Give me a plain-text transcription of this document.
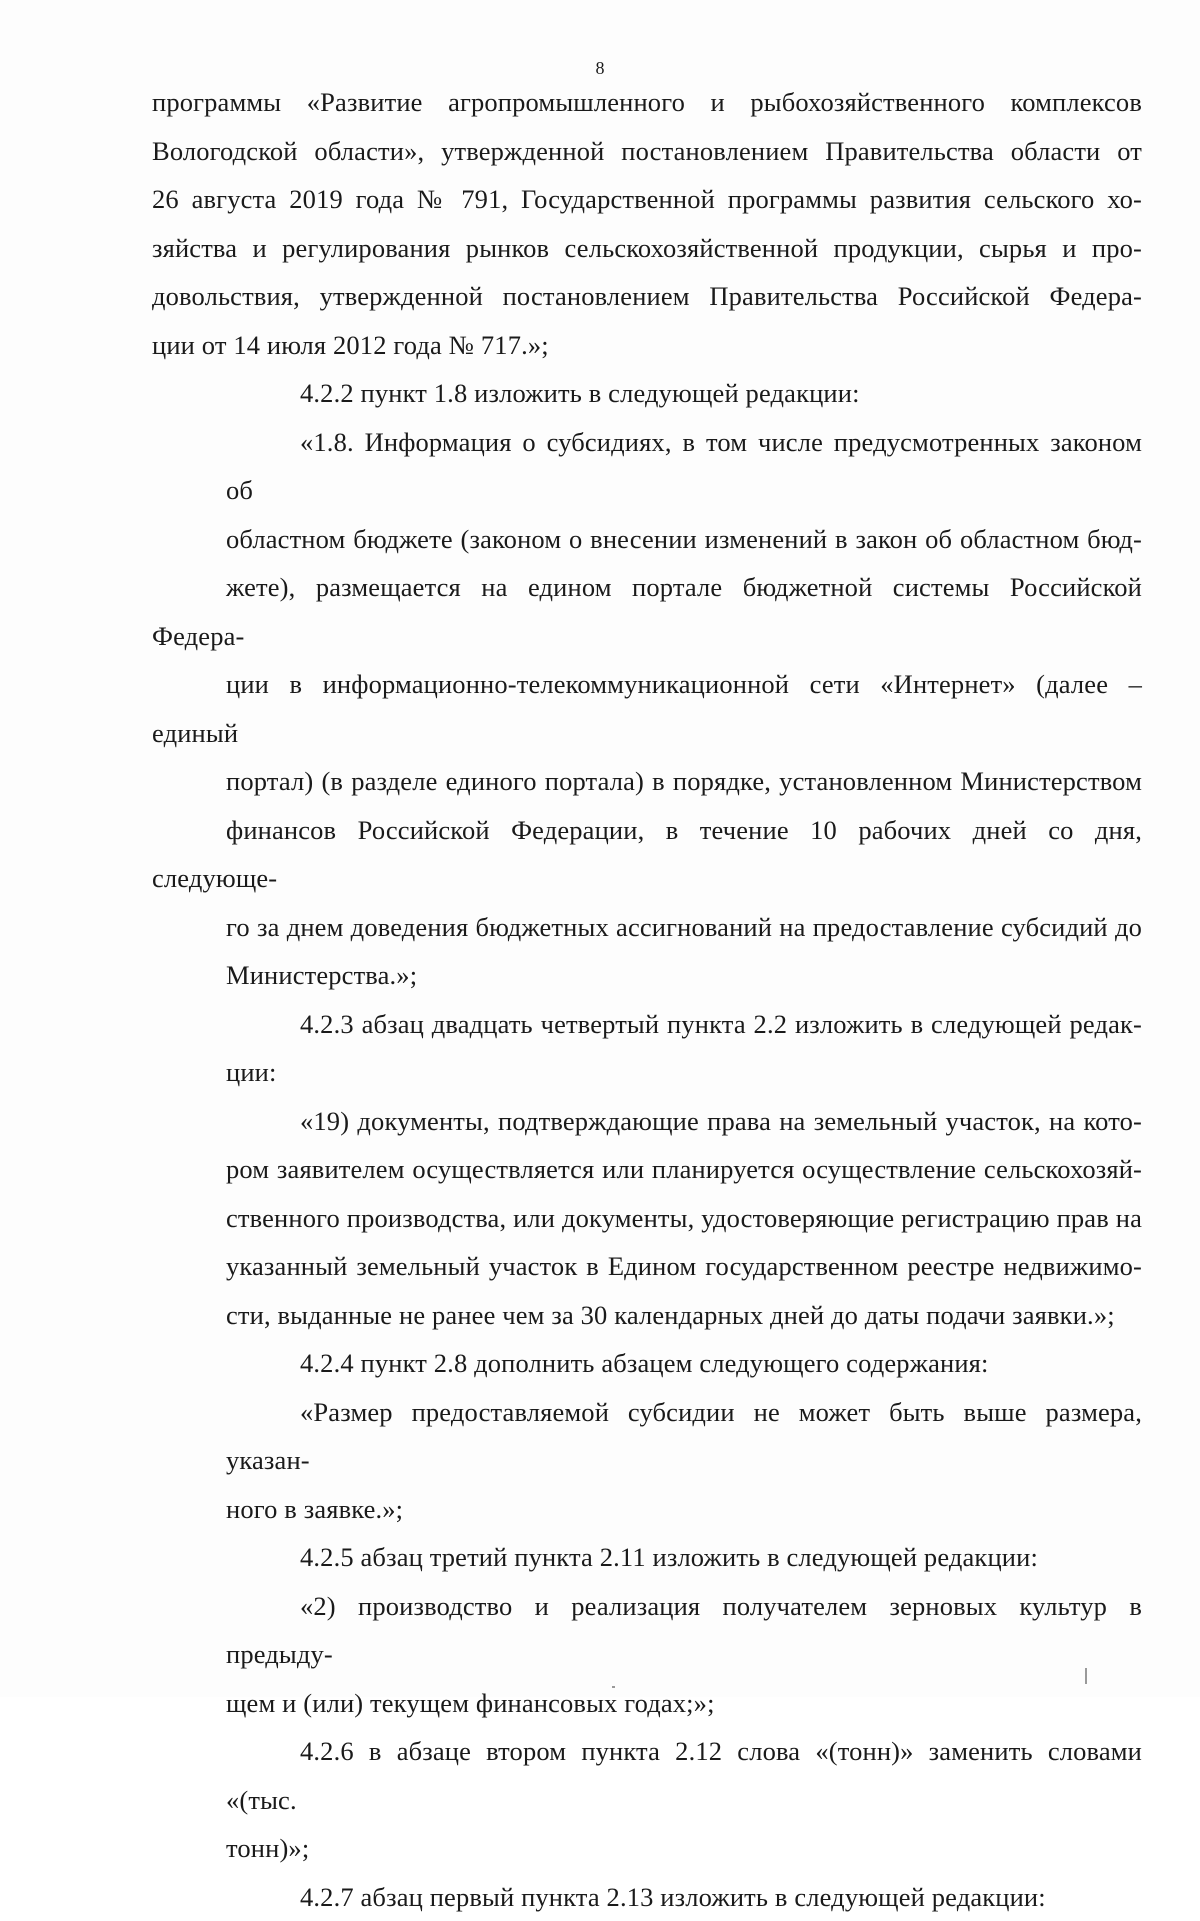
8
программы «Развитие агропромышленного и рыбохозяйственного комплексов
Вологодской области», утвержденной постановлением Правительства области от
26 августа 2019 года № 791, Государственной программы развития сельского хо-
зяйства и регулирования рынков сельскохозяйственной продукции, сырья и про-
довольствия, утвержденной постановлением Правительства Российской Федера-
ции от 14 июля 2012 года № 717.»;
4.2.2 пункт 1.8 изложить в следующей редакции:
«1.8. Информация о субсидиях, в том числе предусмотренных законом об
областном бюджете (законом о внесении изменений в закон об областном бюд-
жете), размещается на едином портале бюджетной системы Российской Федера-
ции в информационно-телекоммуникационной сети «Интернет» (далее – единый
портал) (в разделе единого портала) в порядке, установленном Министерством
финансов Российской Федерации, в течение 10 рабочих дней со дня, следующе-
го за днем доведения бюджетных ассигнований на предоставление субсидий до
Министерства.»;
4.2.3 абзац двадцать четвертый пункта 2.2 изложить в следующей редак-
ции:
«19) документы, подтверждающие права на земельный участок, на кото-
ром заявителем осуществляется или планируется осуществление сельскохозяй-
ственного производства, или документы, удостоверяющие регистрацию прав на
указанный земельный участок в Едином государственном реестре недвижимо-
сти, выданные не ранее чем за 30 календарных дней до даты подачи заявки.»;
4.2.4 пункт 2.8 дополнить абзацем следующего содержания:
«Размер предоставляемой субсидии не может быть выше размера, указан-
ного в заявке.»;
4.2.5 абзац третий пункта 2.11 изложить в следующей редакции:
«2) производство и реализация получателем зерновых культур в предыду-
щем и (или) текущем финансовых годах;»;
4.2.6 в абзаце втором пункта 2.12 слова «(тонн)» заменить словами «(тыс.
тонн)»;
4.2.7 абзац первый пункта 2.13 изложить в следующей редакции:
